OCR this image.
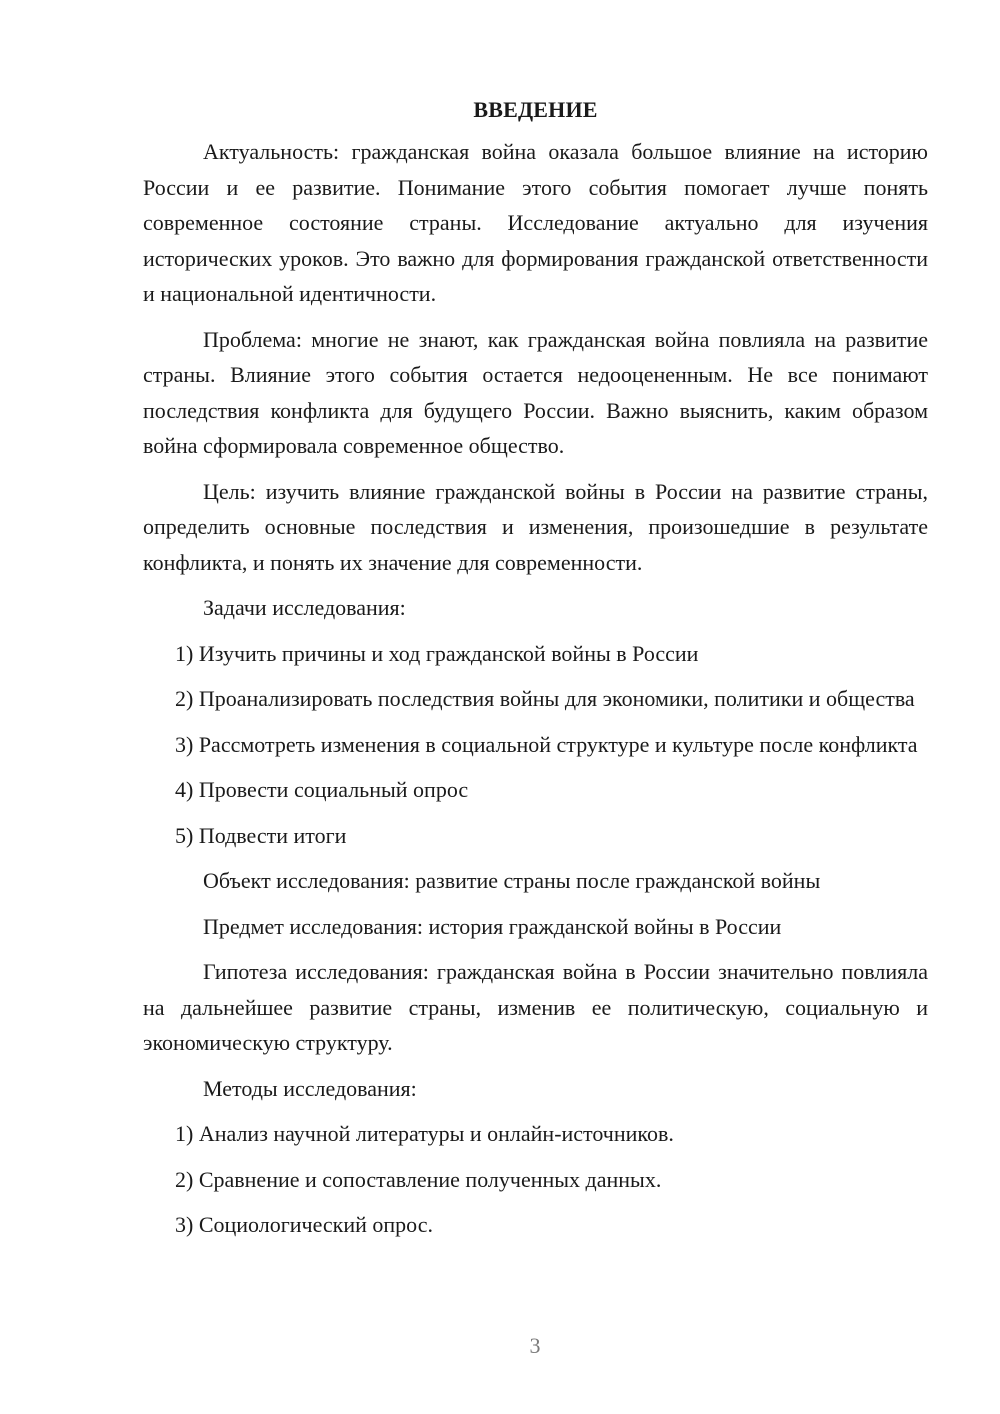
ВВЕДЕНИЕ

Актуальность: гражданская война оказала большое влияние на историю России и ее развитие. Понимание этого события помогает лучше понять современное состояние страны. Исследование актуально для изучения исторических уроков. Это важно для формирования гражданской ответственности и национальной идентичности.

Проблема: многие не знают, как гражданская война повлияла на развитие страны. Влияние этого события остается недооцененным. Не все понимают последствия конфликта для будущего России. Важно выяснить, каким образом война сформировала современное общество.

Цель: изучить влияние гражданской войны в России на развитие страны, определить основные последствия и изменения, произошедшие в результате конфликта, и понять их значение для современности.

Задачи исследования:

1) Изучить причины и ход гражданской войны в России

2) Проанализировать последствия войны для экономики, политики и общества

3) Рассмотреть изменения в социальной структуре и культуре после конфликта

4) Провести социальный опрос

5) Подвести итоги

Объект исследования: развитие страны после гражданской войны

Предмет исследования: история гражданской войны в России

Гипотеза исследования: гражданская война в России значительно повлияла на дальнейшее развитие страны, изменив ее политическую, социальную и экономическую структуру.

Методы исследования:

1) Анализ научной литературы и онлайн-источников.

2) Сравнение и сопоставление полученных данных.

3) Социологический опрос.

3
